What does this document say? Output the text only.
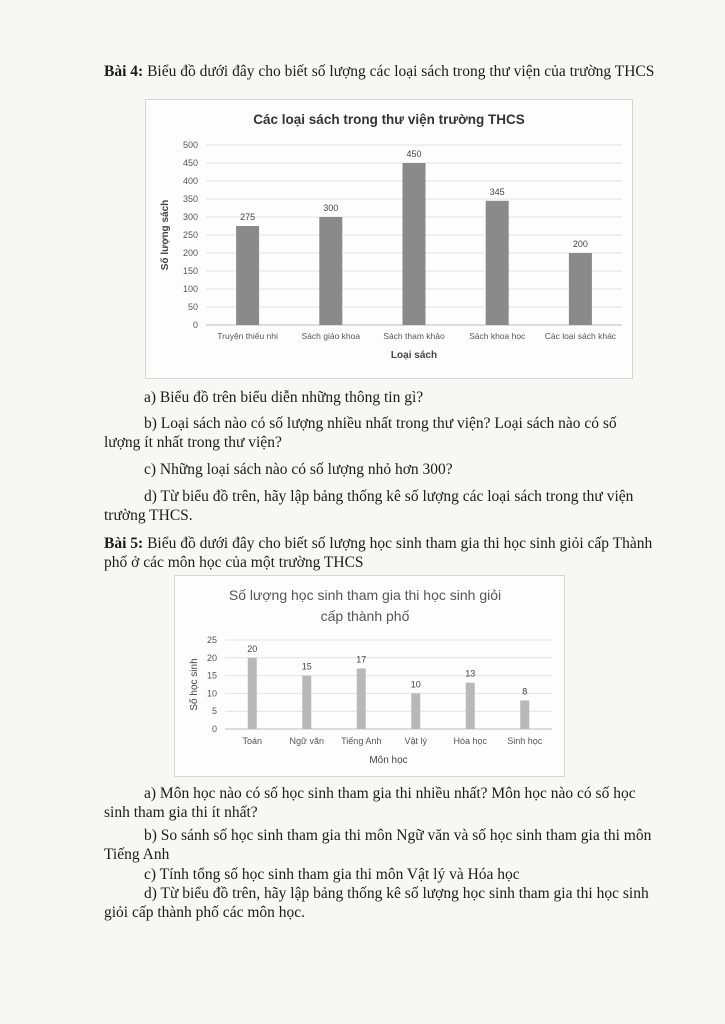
Bài 4: Biểu đồ dưới đây cho biết số lượng các loại sách trong thư viện của trường THCS
Các loại sách trong thư viện trường THCS
0
50
100
150
200
250
300
350
400
450
500
275
Truyện thiếu nhi
300
Sách giáo khoa
450
Sách tham khảo
345
Sách khoa học
200
Các loại sách khác
Loại sách
Số lượng sách
a) Biểu đồ trên biểu diễn những thông tin gì?
b) Loại sách nào có số lượng nhiều nhất trong thư viện? Loại sách nào có số lượng ít nhất trong thư viện?
c) Những loại sách nào có số lượng nhỏ hơn 300?
d) Từ biểu đồ trên, hãy lập bảng thống kê số lượng các loại sách trong thư viện trường THCS.
Bài 5: Biểu đồ dưới đây cho biết số lượng học sinh tham gia thi học sinh giỏi cấp Thành phố ở các môn học của một trường THCS
Số lượng học sinh tham gia thi học sinh giỏi
cấp thành phố
0
5
10
15
20
25
20
Toán
15
Ngữ văn
17
Tiếng Anh
10
Vật lý
13
Hóa học
8
Sinh học
Môn học
Số học sinh
a) Môn học nào có số học sinh tham gia thi nhiều nhất? Môn học nào có số học sinh tham gia thi ít nhất?
b) So sánh số học sinh tham gia thi môn Ngữ văn và số học sinh tham gia thi môn Tiếng Anh
c) Tính tổng số học sinh tham gia thi môn Vật lý và Hóa học
d) Từ biểu đồ trên, hãy lập bảng thống kê số lượng học sinh tham gia thi học sinh giỏi cấp thành phố các môn học.
